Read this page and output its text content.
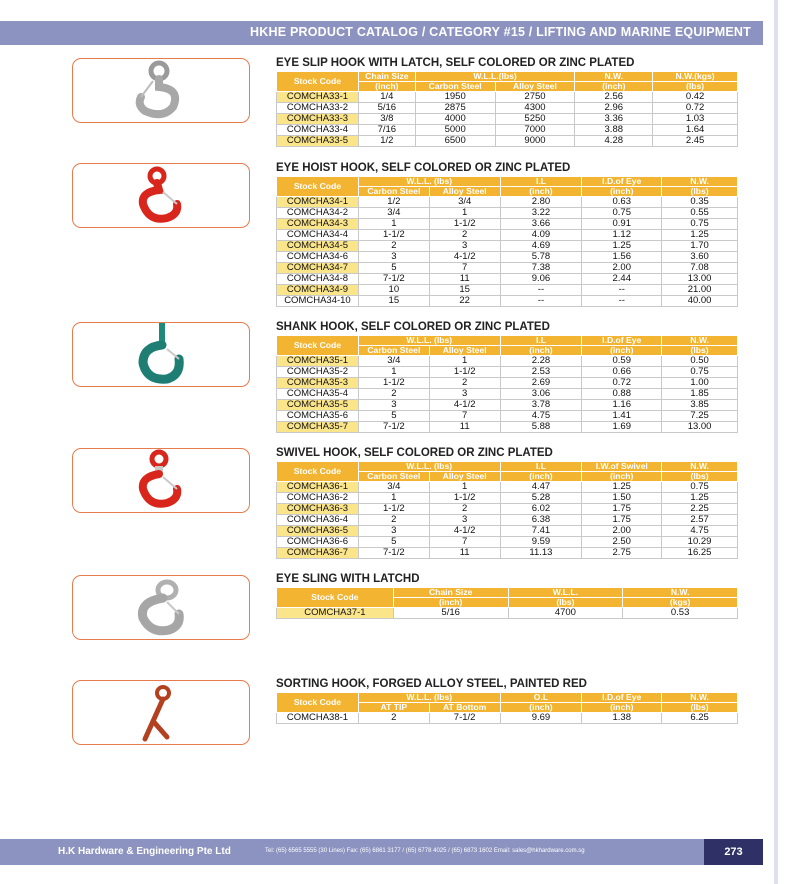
HKHE PRODUCT CATALOG / CATEGORY #15 / LIFTING AND MARINE EQUIPMENT
EYE SLIP HOOK WITH LATCH, SELF COLORED OR ZINC PLATED
Stock Code	Chain Size	W.L.L.(lbs)		N.W.	N.W.(kgs)
	(inch)	Carbon Steel	Alloy Steel	(inch)	(lbs)
COMCHA33-1	1/4	1950	2750	2.56	0.42
COMCHA33-2	5/16	2875	4300	2.96	0.72
COMCHA33-3	3/8	4000	5250	3.36	1.03
COMCHA33-4	7/16	5000	7000	3.88	1.64
COMCHA33-5	1/2	6500	9000	4.28	2.45
EYE HOIST HOOK, SELF COLORED OR ZINC PLATED
Stock Code	W.L.L. (lbs)		I.L	I.D.of Eye	N.W.
	Carbon Steel	Alloy Steel	(inch)	(inch)	(lbs)
COMCHA34-1	1/2	3/4	2.80	0.63	0.35
COMCHA34-2	3/4	1	3.22	0.75	0.55
COMCHA34-3	1	1-1/2	3.66	0.91	0.75
COMCHA34-4	1-1/2	2	4.09	1.12	1.25
COMCHA34-5	2	3	4.69	1.25	1.70
COMCHA34-6	3	4-1/2	5.78	1.56	3.60
COMCHA34-7	5	7	7.38	2.00	7.08
COMCHA34-8	7-1/2	11	9.06	2.44	13.00
COMCHA34-9	10	15	--	--	21.00
COMCHA34-10	15	22	--	--	40.00
SHANK HOOK, SELF COLORED OR ZINC PLATED
Stock Code	W.L.L. (lbs)		I.L	I.D.of Eye	N.W.
	Carbon Steel	Alloy Steel	(inch)	(inch)	(lbs)
COMCHA35-1	3/4	1	2.28	0.59	0.50
COMCHA35-2	1	1-1/2	2.53	0.66	0.75
COMCHA35-3	1-1/2	2	2.69	0.72	1.00
COMCHA35-4	2	3	3.06	0.88	1.85
COMCHA35-5	3	4-1/2	3.78	1.16	3.85
COMCHA35-6	5	7	4.75	1.41	7.25
COMCHA35-7	7-1/2	11	5.88	1.69	13.00
SWIVEL HOOK, SELF COLORED OR ZINC PLATED
Stock Code	W.L.L. (lbs)		I.L	I.W.of Swivel	N.W.
	Carbon Steel	Alloy Steel	(inch)	(inch)	(lbs)
COMCHA36-1	3/4	1	4.47	1.25	0.75
COMCHA36-2	1	1-1/2	5.28	1.50	1.25
COMCHA36-3	1-1/2	2	6.02	1.75	2.25
COMCHA36-4	2	3	6.38	1.75	2.57
COMCHA36-5	3	4-1/2	7.41	2.00	4.75
COMCHA36-6	5	7	9.59	2.50	10.29
COMCHA36-7	7-1/2	11	11.13	2.75	16.25
EYE SLING WITH LATCHD
Stock Code	Chain Size	W.L.L.	N.W.
	(inch)	(lbs)	(kgs)
COMCHA37-1	5/16	4700	0.53
SORTING HOOK, FORGED ALLOY STEEL, PAINTED RED
Stock Code	W.L.L. (lbs)		O.L	I.D.of Eye	N.W.
	AT TIP	AT Bottom	(inch)	(inch)	(lbs)
COMCHA38-1	2	7-1/2	9.69	1.38	6.25
H.K Hardware & Engineering Pte Ltd	Tel: (65) 6565 5555 (30 Lines) Fax: (65) 6861 3177 / (65) 6778 4025 / (65) 6873 1602 Email: sales@hkhardware.com.sg	273
